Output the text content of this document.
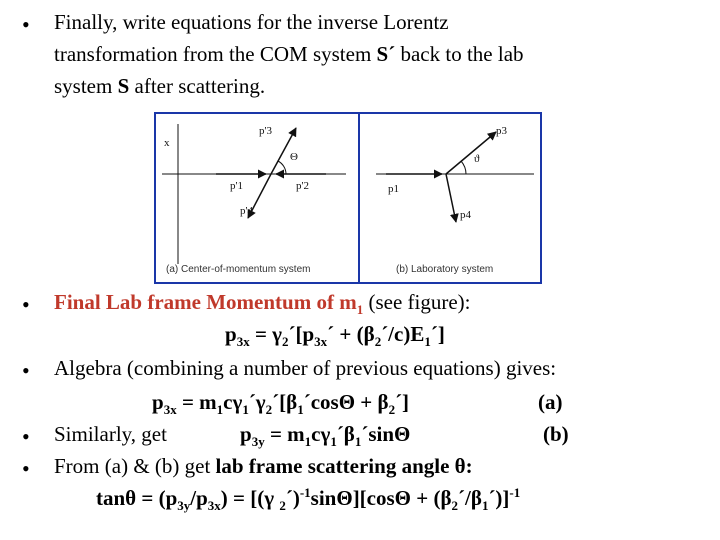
• Finally, write equations for the inverse Lorentz
transformation from the COM system S´ back to the lab
system S after scattering.
p'3
p'1	p'2
p'4
Θ
x
p3
p1
p4
ϑ
(a) Center-of-momentum system	(b) Laboratory system
• Final Lab frame Momentum of $m_1$ (see figure):
$p_{3x}$ = $\gamma_2´[p_{3x}´$ + $(\beta_2´/c)E_1´$]
• Algebra (combining a number of previous equations) gives:
$p_{3x}$ = $m_1c\gamma_1´\gamma_2´[\beta_1´\cos\Theta$ + $\beta_2´$]	(a)
• Similarly, get	$p_{3y}$ = $m_1c\gamma_1´\beta_1´\sin\Theta$	(b)
• From (a) & (b) get lab frame scattering angle θ:
$\tan\theta = (p_{3y}/p_{3x}) = [(\gamma$ $_2$´)$^{-1}$sinΘ][cosΘ + $(\beta_2´/\beta_1´)]^{-1}$
